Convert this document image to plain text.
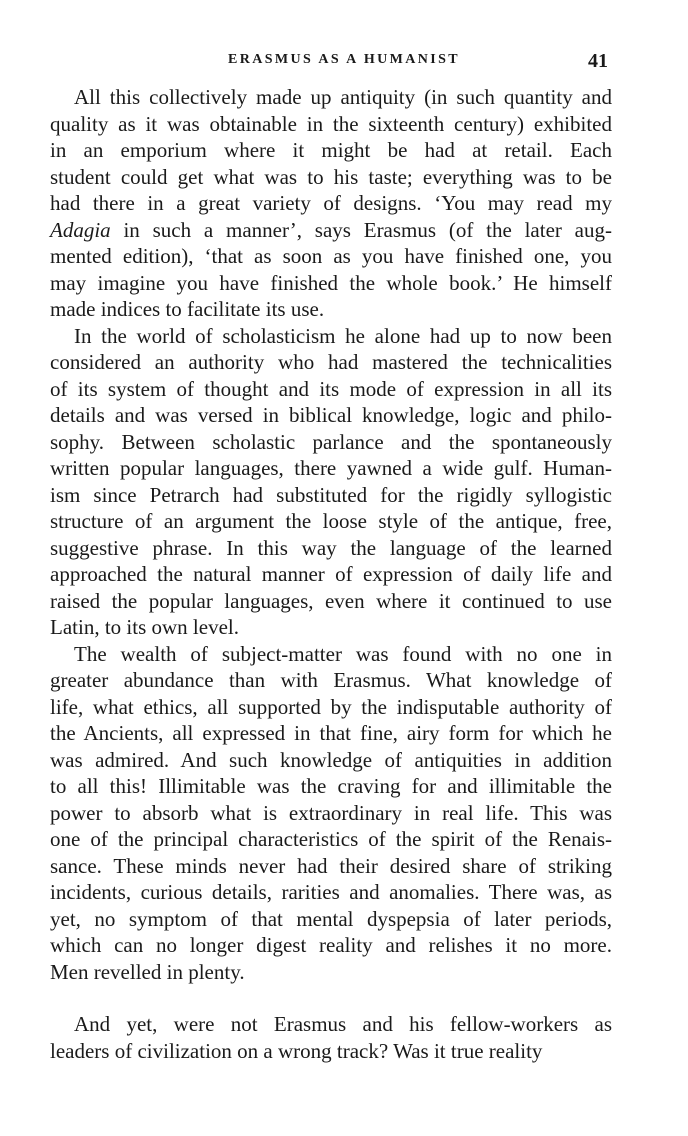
ERASMUS AS A HUMANIST	41

All this collectively made up antiquity (in such quantity and
quality as it was obtainable in the sixteenth century) exhibited
in an emporium where it might be had at retail. Each
student could get what was to his taste; everything was to be
had there in a great variety of designs. ‘You may read my
Adagia in such a manner’, says Erasmus (of the later aug-
mented edition), ‘that as soon as you have finished one, you
may imagine you have finished the whole book.’ He himself
made indices to facilitate its use.

In the world of scholasticism he alone had up to now been
considered an authority who had mastered the technicalities
of its system of thought and its mode of expression in all its
details and was versed in biblical knowledge, logic and philo-
sophy. Between scholastic parlance and the spontaneously
written popular languages, there yawned a wide gulf. Human-
ism since Petrarch had substituted for the rigidly syllogistic
structure of an argument the loose style of the antique, free,
suggestive phrase. In this way the language of the learned
approached the natural manner of expression of daily life and
raised the popular languages, even where it continued to use
Latin, to its own level.

The wealth of subject-matter was found with no one in
greater abundance than with Erasmus. What knowledge of
life, what ethics, all supported by the indisputable authority of
the Ancients, all expressed in that fine, airy form for which he
was admired. And such knowledge of antiquities in addition
to all this! Illimitable was the craving for and illimitable the
power to absorb what is extraordinary in real life. This was
one of the principal characteristics of the spirit of the Renais-
sance. These minds never had their desired share of striking
incidents, curious details, rarities and anomalies. There was, as
yet, no symptom of that mental dyspepsia of later periods,
which can no longer digest reality and relishes it no more.
Men revelled in plenty.

And yet, were not Erasmus and his fellow-workers as
leaders of civilization on a wrong track? Was it true reality
